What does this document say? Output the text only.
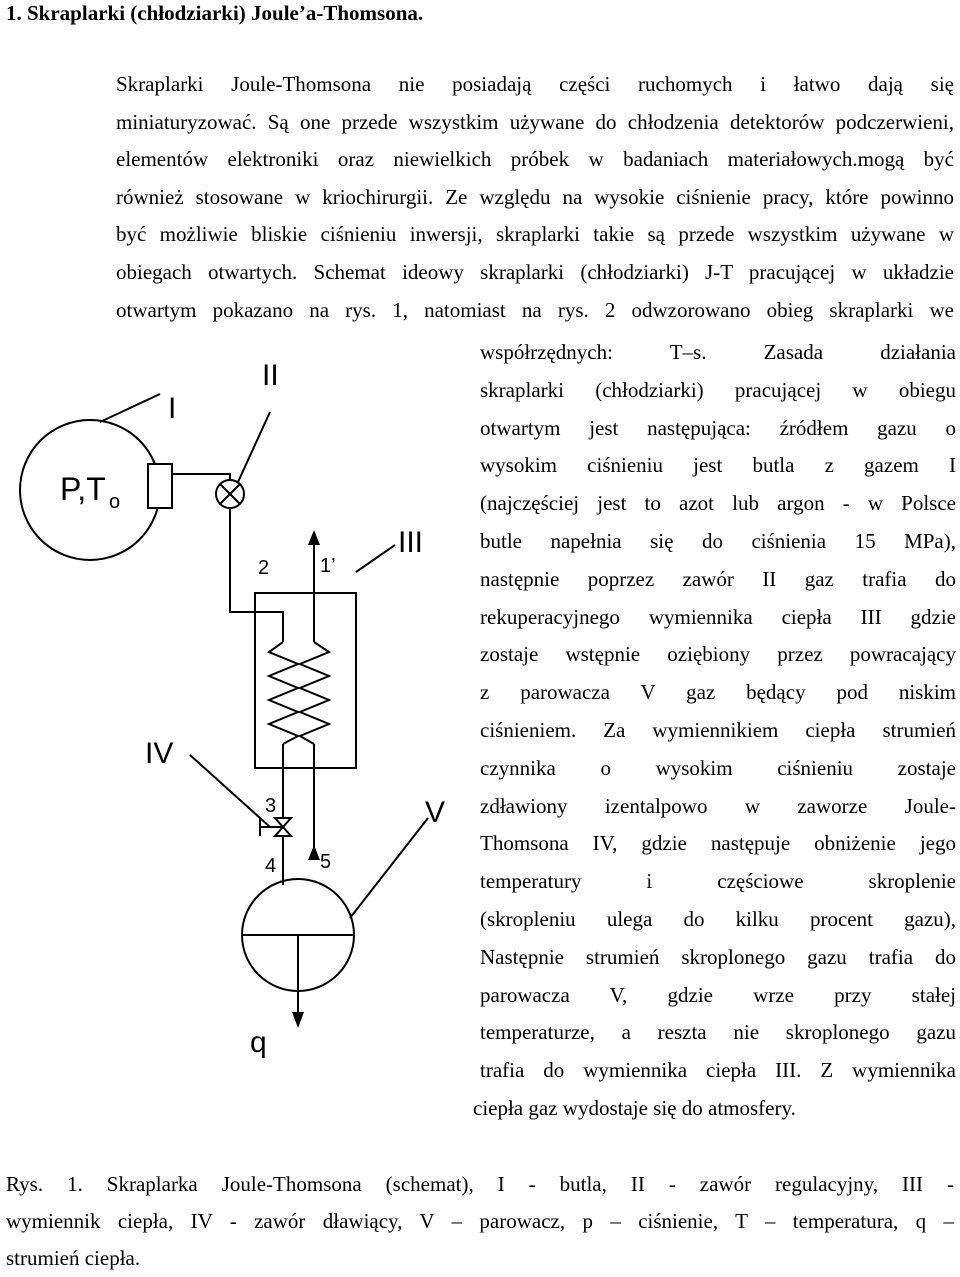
1. Skraplarki (chłodziarki) Joule’a-Thomsona.
Skraplarki Joule-Thomsona nie posiadają części ruchomych i łatwo dają się
miniaturyzować. Są one przede wszystkim używane do chłodzenia detektorów podczerwieni,
elementów elektroniki oraz niewielkich próbek w badaniach materiałowych.mogą być
również stosowane w kriochirurgii. Ze względu na wysokie ciśnienie pracy, które powinno
być możliwie bliskie ciśnieniu inwersji, skraplarki takie są przede wszystkim używane w
obiegach otwartych. Schemat ideowy skraplarki (chłodziarki) J-T pracującej w układzie
otwartym pokazano na rys. 1, natomiast na rys. 2 odwzorowano obieg skraplarki we
współrzędnych: T–s. Zasada działania
skraplarki (chłodziarki) pracującej w obiegu
otwartym jest następująca: źródłem gazu o
wysokim ciśnieniu jest butla z gazem I
(najczęściej jest to azot lub argon - w Polsce
butle napełnia się do ciśnienia 15 MPa),
następnie poprzez zawór II gaz trafia do
rekuperacyjnego wymiennika ciepła III gdzie
zostaje wstępnie oziębiony przez powracający
z parowacza V gaz będący pod niskim
ciśnieniem. Za wymiennikiem ciepła strumień
czynnika o wysokim ciśnieniu zostaje
zdławiony izentalpowo w zaworze Joule-
Thomsona IV, gdzie następuje obniżenie jego
temperatury i częściowe skroplenie
(skropleniu ulega do kilku procent gazu),
Następnie strumień skroplonego gazu trafia do
parowacza V, gdzie wrze przy stałej
temperaturze, a reszta nie skroplonego gazu
trafia do wymiennika ciepła III. Z wymiennika
ciepła gaz wydostaje się do atmosfery.
I
II
III
IV
V
P,T o
1’
2
3
4 5
q
Rys. 1. Skraplarka Joule-Thomsona (schemat), I - butla, II - zawór regulacyjny, III -
wymiennik ciepła, IV - zawór dławiący, V – parowacz, p – ciśnienie, T – temperatura, q –
strumień ciepła.
